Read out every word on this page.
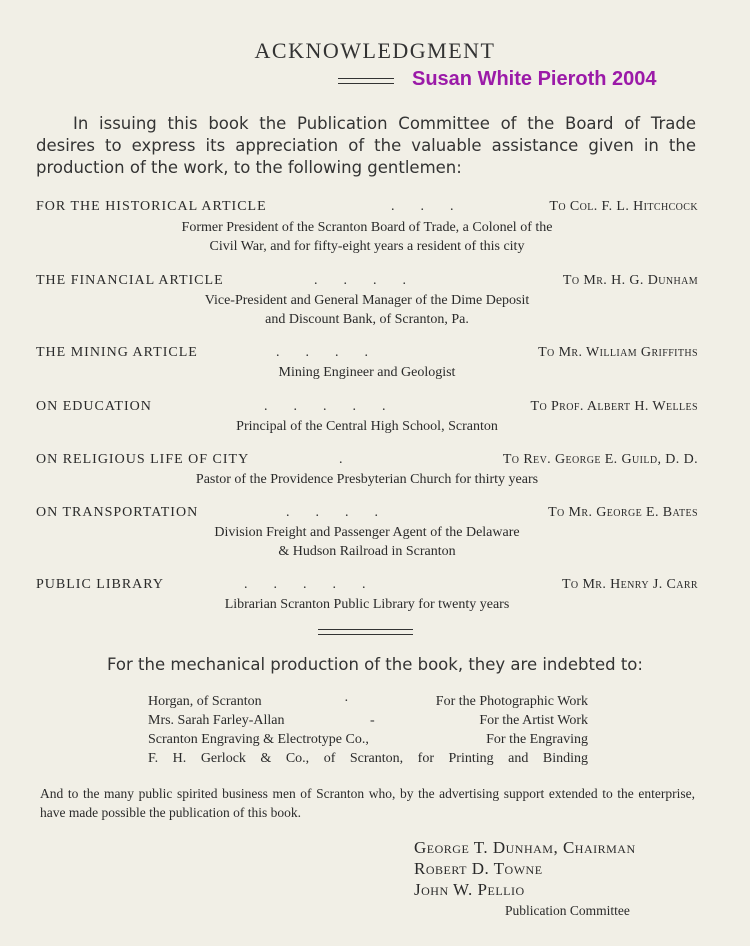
ACKNOWLEDGMENT
Susan White Pieroth 2004
In issuing this book the Publication Committee of the Board of Trade desires to express its appreciation of the valuable assistance given in the production of the work, to the following gentlemen:
FOR THE HISTORICAL ARTICLE	...	To Col. F. L. Hitchcock
Former President of the Scranton Board of Trade, a Colonel of the
Civil War, and for fifty-eight years a resident of this city
THE FINANCIAL ARTICLE	....	To Mr. H. G. Dunham
Vice-President and General Manager of the Dime Deposit
and Discount Bank, of Scranton, Pa.
THE MINING ARTICLE	....	To Mr. William Griffiths
Mining Engineer and Geologist
ON EDUCATION	.....	To Prof. Albert H. Welles
Principal of the Central High School, Scranton
ON RELIGIOUS LIFE OF CITY	.	To Rev. George E. Guild, D. D.
Pastor of the Providence Presbyterian Church for thirty years
ON TRANSPORTATION	....	To Mr. George E. Bates
Division Freight and Passenger Agent of the Delaware
& Hudson Railroad in Scranton
PUBLIC LIBRARY	.....	To Mr. Henry J. Carr
Librarian Scranton Public Library for twenty years
For the mechanical production of the book, they are indebted to:
Horgan, of Scranton	·	For the Photographic Work
Mrs. Sarah Farley-Allan	-	For the Artist Work
Scranton Engraving & Electrotype Co.,	For the Engraving
F. H. Gerlock & Co., of Scranton, for Printing and Binding
And to the many public spirited business men of Scranton who, by the advertising support extended to the enterprise, have made possible the publication of this book.
George T. Dunham, Chairman
Robert D. Towne
John W. Pellio
Publication Committee
